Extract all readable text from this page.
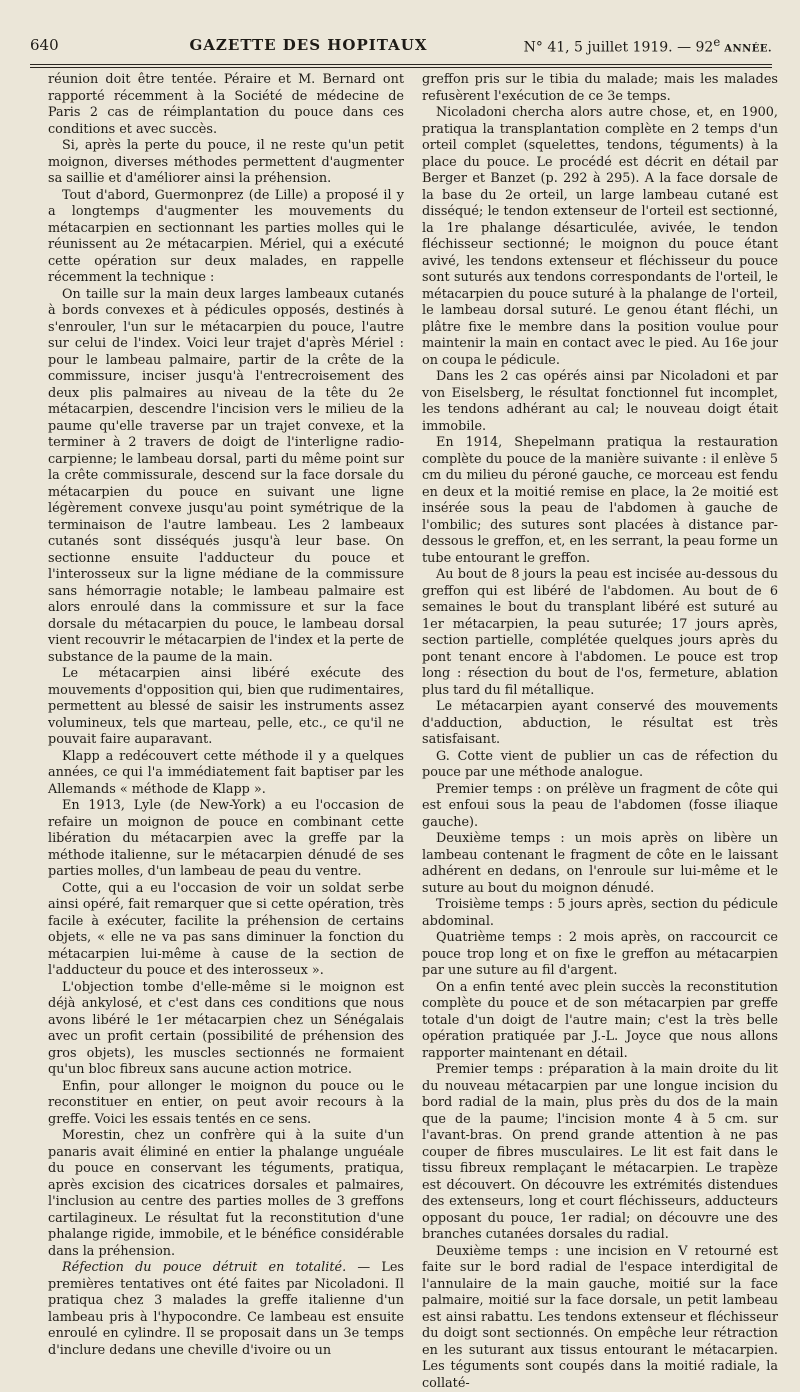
640	GAZETTE DES HOPITAUX	N° 41, 5 juillet 1919. — 92e ANNÉE.

réunion doit être tentée. Péraire et M. Bernard ont rapporté récemment à la Société de médecine de Paris 2 cas de réimplantation du pouce dans ces conditions et avec succès.

Si, après la perte du pouce, il ne reste qu'un petit moignon, diverses méthodes permettent d'augmenter sa saillie et d'améliorer ainsi la préhension.

Tout d'abord, Guermonprez (de Lille) a proposé il y a longtemps d'augmenter les mouvements du métacarpien en sectionnant les parties molles qui le réunissent au 2e métacarpien. Mériel, qui a exécuté cette opération sur deux malades, en rappelle récemment la technique :

On taille sur la main deux larges lambeaux cutanés à bords convexes et à pédicules opposés, destinés à s'enrouler, l'un sur le métacarpien du pouce, l'autre sur celui de l'index. Voici leur trajet d'après Mériel : pour le lambeau palmaire, partir de la crête de la commissure, inciser jusqu'à l'entrecroisement des deux plis palmaires au niveau de la tête du 2e métacarpien, descendre l'incision vers le milieu de la paume qu'elle traverse par un trajet convexe, et la terminer à 2 travers de doigt de l'interligne radio-carpienne; le lambeau dorsal, parti du même point sur la crête commissurale, descend sur la face dorsale du métacarpien du pouce en suivant une ligne légèrement convexe jusqu'au point symétrique de la terminaison de l'autre lambeau. Les 2 lambeaux cutanés sont disséqués jusqu'à leur base. On sectionne ensuite l'adducteur du pouce et l'interosseux sur la ligne médiane de la commissure sans hémorragie notable; le lambeau palmaire est alors enroulé dans la commissure et sur la face dorsale du métacarpien du pouce, le lambeau dorsal vient recouvrir le métacarpien de l'index et la perte de substance de la paume de la main.

Le métacarpien ainsi libéré exécute des mouvements d'opposition qui, bien que rudimentaires, permettent au blessé de saisir les instruments assez volumineux, tels que marteau, pelle, etc., ce qu'il ne pouvait faire auparavant.

Klapp a redécouvert cette méthode il y a quelques années, ce qui l'a immédiatement fait baptiser par les Allemands « méthode de Klapp ».

En 1913, Lyle (de New-York) a eu l'occasion de refaire un moignon de pouce en combinant cette libération du métacarpien avec la greffe par la méthode italienne, sur le métacarpien dénudé de ses parties molles, d'un lambeau de peau du ventre.

Cotte, qui a eu l'occasion de voir un soldat serbe ainsi opéré, fait remarquer que si cette opération, très facile à exécuter, facilite la préhension de certains objets, « elle ne va pas sans diminuer la fonction du métacarpien lui-même à cause de la section de l'adducteur du pouce et des interosseux ».

L'objection tombe d'elle-même si le moignon est déjà ankylosé, et c'est dans ces conditions que nous avons libéré le 1er métacarpien chez un Sénégalais avec un profit certain (possibilité de préhension des gros objets), les muscles sectionnés ne formaient qu'un bloc fibreux sans aucune action motrice.

Enfin, pour allonger le moignon du pouce ou le reconstituer en entier, on peut avoir recours à la greffe. Voici les essais tentés en ce sens.

Morestin, chez un confrère qui à la suite d'un panaris avait éliminé en entier la phalange unguéale du pouce en conservant les téguments, pratiqua, après excision des cicatrices dorsales et palmaires, l'inclusion au centre des parties molles de 3 greffons cartilagineux. Le résultat fut la reconstitution d'une phalange rigide, immobile, et le bénéfice considérable dans la préhension.

Réfection du pouce détruit en totalité. — Les premières tentatives ont été faites par Nicoladoni. Il pratiqua chez 3 malades la greffe italienne d'un lambeau pris à l'hypocondre. Ce lambeau est ensuite enroulé en cylindre. Il se proposait dans un 3e temps d'inclure dedans une cheville d'ivoire ou un

greffon pris sur le tibia du malade; mais les malades refusèrent l'exécution de ce 3e temps.

Nicoladoni chercha alors autre chose, et, en 1900, pratiqua la transplantation complète en 2 temps d'un orteil complet (squelettes, tendons, téguments) à la place du pouce. Le procédé est décrit en détail par Berger et Banzet (p. 292 à 295). A la face dorsale de la base du 2e orteil, un large lambeau cutané est disséqué; le tendon extenseur de l'orteil est sectionné, la 1re phalange désarticulée, avivée, le tendon fléchisseur sectionné; le moignon du pouce étant avivé, les tendons extenseur et fléchisseur du pouce sont suturés aux tendons correspondants de l'orteil, le métacarpien du pouce suturé à la phalange de l'orteil, le lambeau dorsal suturé. Le genou étant fléchi, un plâtre fixe le membre dans la position voulue pour maintenir la main en contact avec le pied. Au 16e jour on coupa le pédicule.

Dans les 2 cas opérés ainsi par Nicoladoni et par von Eiselsberg, le résultat fonctionnel fut incomplet, les tendons adhérant au cal; le nouveau doigt était immobile.

En 1914, Shepelmann pratiqua la restauration complète du pouce de la manière suivante : il enlève 5 cm du milieu du péroné gauche, ce morceau est fendu en deux et la moitié remise en place, la 2e moitié est insérée sous la peau de l'abdomen à gauche de l'ombilic; des sutures sont placées à distance par-dessous le greffon, et, en les serrant, la peau forme un tube entourant le greffon.

Au bout de 8 jours la peau est incisée au-dessous du greffon qui est libéré de l'abdomen. Au bout de 6 semaines le bout du transplant libéré est suturé au 1er métacarpien, la peau suturée; 17 jours après, section partielle, complétée quelques jours après du pont tenant encore à l'abdomen. Le pouce est trop long : résection du bout de l'os, fermeture, ablation plus tard du fil métallique.

Le métacarpien ayant conservé des mouvements d'adduction, abduction, le résultat est très satisfaisant.

G. Cotte vient de publier un cas de réfection du pouce par une méthode analogue.

Premier temps : on prélève un fragment de côte qui est enfoui sous la peau de l'abdomen (fosse iliaque gauche).

Deuxième temps : un mois après on libère un lambeau contenant le fragment de côte en le laissant adhérent en dedans, on l'enroule sur lui-même et le suture au bout du moignon dénudé.

Troisième temps : 5 jours après, section du pédicule abdominal.

Quatrième temps : 2 mois après, on raccourcit ce pouce trop long et on fixe le greffon au métacarpien par une suture au fil d'argent.

On a enfin tenté avec plein succès la reconstitution complète du pouce et de son métacarpien par greffe totale d'un doigt de l'autre main; c'est la très belle opération pratiquée par J.-L. Joyce que nous allons rapporter maintenant en détail.

Premier temps : préparation à la main droite du lit du nouveau métacarpien par une longue incision du bord radial de la main, plus près du dos de la main que de la paume; l'incision monte 4 à 5 cm. sur l'avant-bras. On prend grande attention à ne pas couper de fibres musculaires. Le lit est fait dans le tissu fibreux remplaçant le métacarpien. Le trapèze est découvert. On découvre les extrémités distendues des extenseurs, long et court fléchisseurs, adducteurs opposant du pouce, 1er radial; on découvre une des branches cutanées dorsales du radial.

Deuxième temps : une incision en V retourné est faite sur le bord radial de l'espace interdigital de l'annulaire de la main gauche, moitié sur la face palmaire, moitié sur la face dorsale, un petit lambeau est ainsi rabattu. Les tendons extenseur et fléchisseur du doigt sont sectionnés. On empêche leur rétraction en les suturant aux tissus entourant le métacarpien. Les téguments sont coupés dans la moitié radiale, la collaté-
